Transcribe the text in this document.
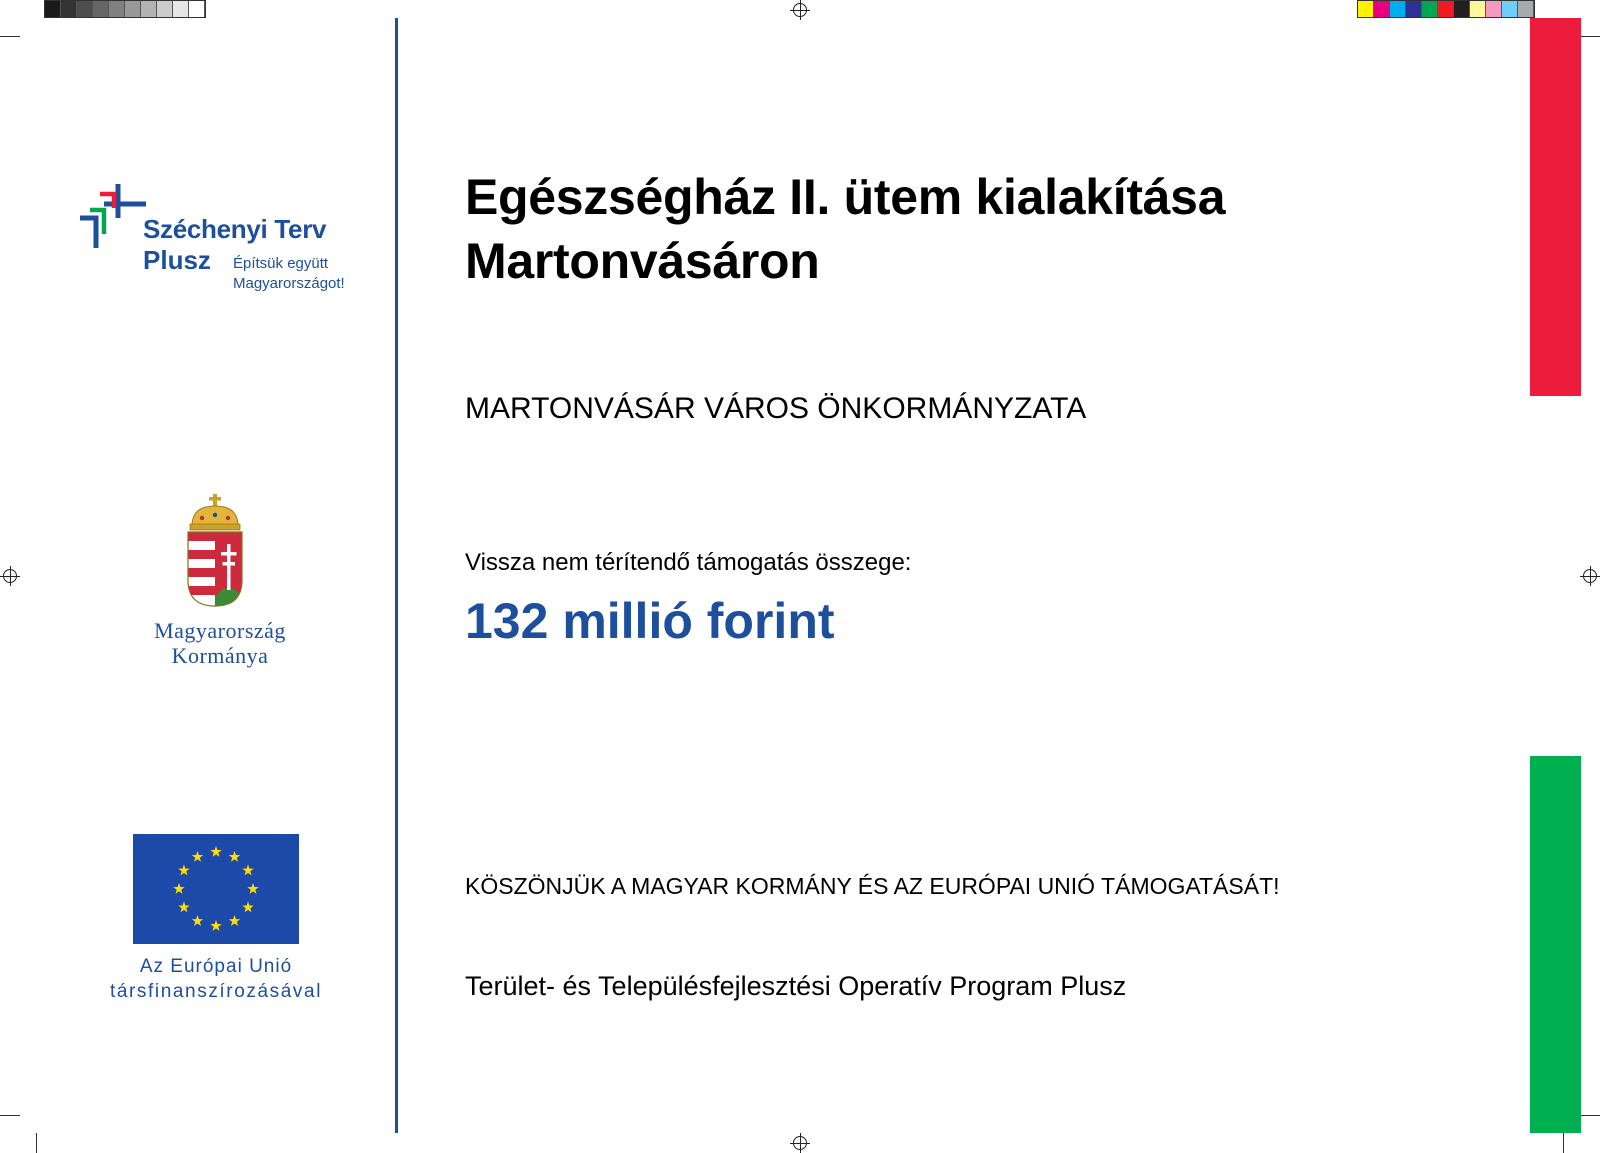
Széchenyi Terv
Plusz Építsük együtt
Magyarországot!
Magyarország
Kormánya
Az Európai Unió
társfinanszírozásával
Egészségház II. ütem kialakítása
Martonvásáron
MARTONVÁSÁR VÁROS ÖNKORMÁNYZATA
Vissza nem térítendő támogatás összege:
132 millió forint
KÖSZÖNJÜK A MAGYAR KORMÁNY ÉS AZ EURÓPAI UNIÓ TÁMOGATÁSÁT!
Terület- és Településfejlesztési Operatív Program Plusz
